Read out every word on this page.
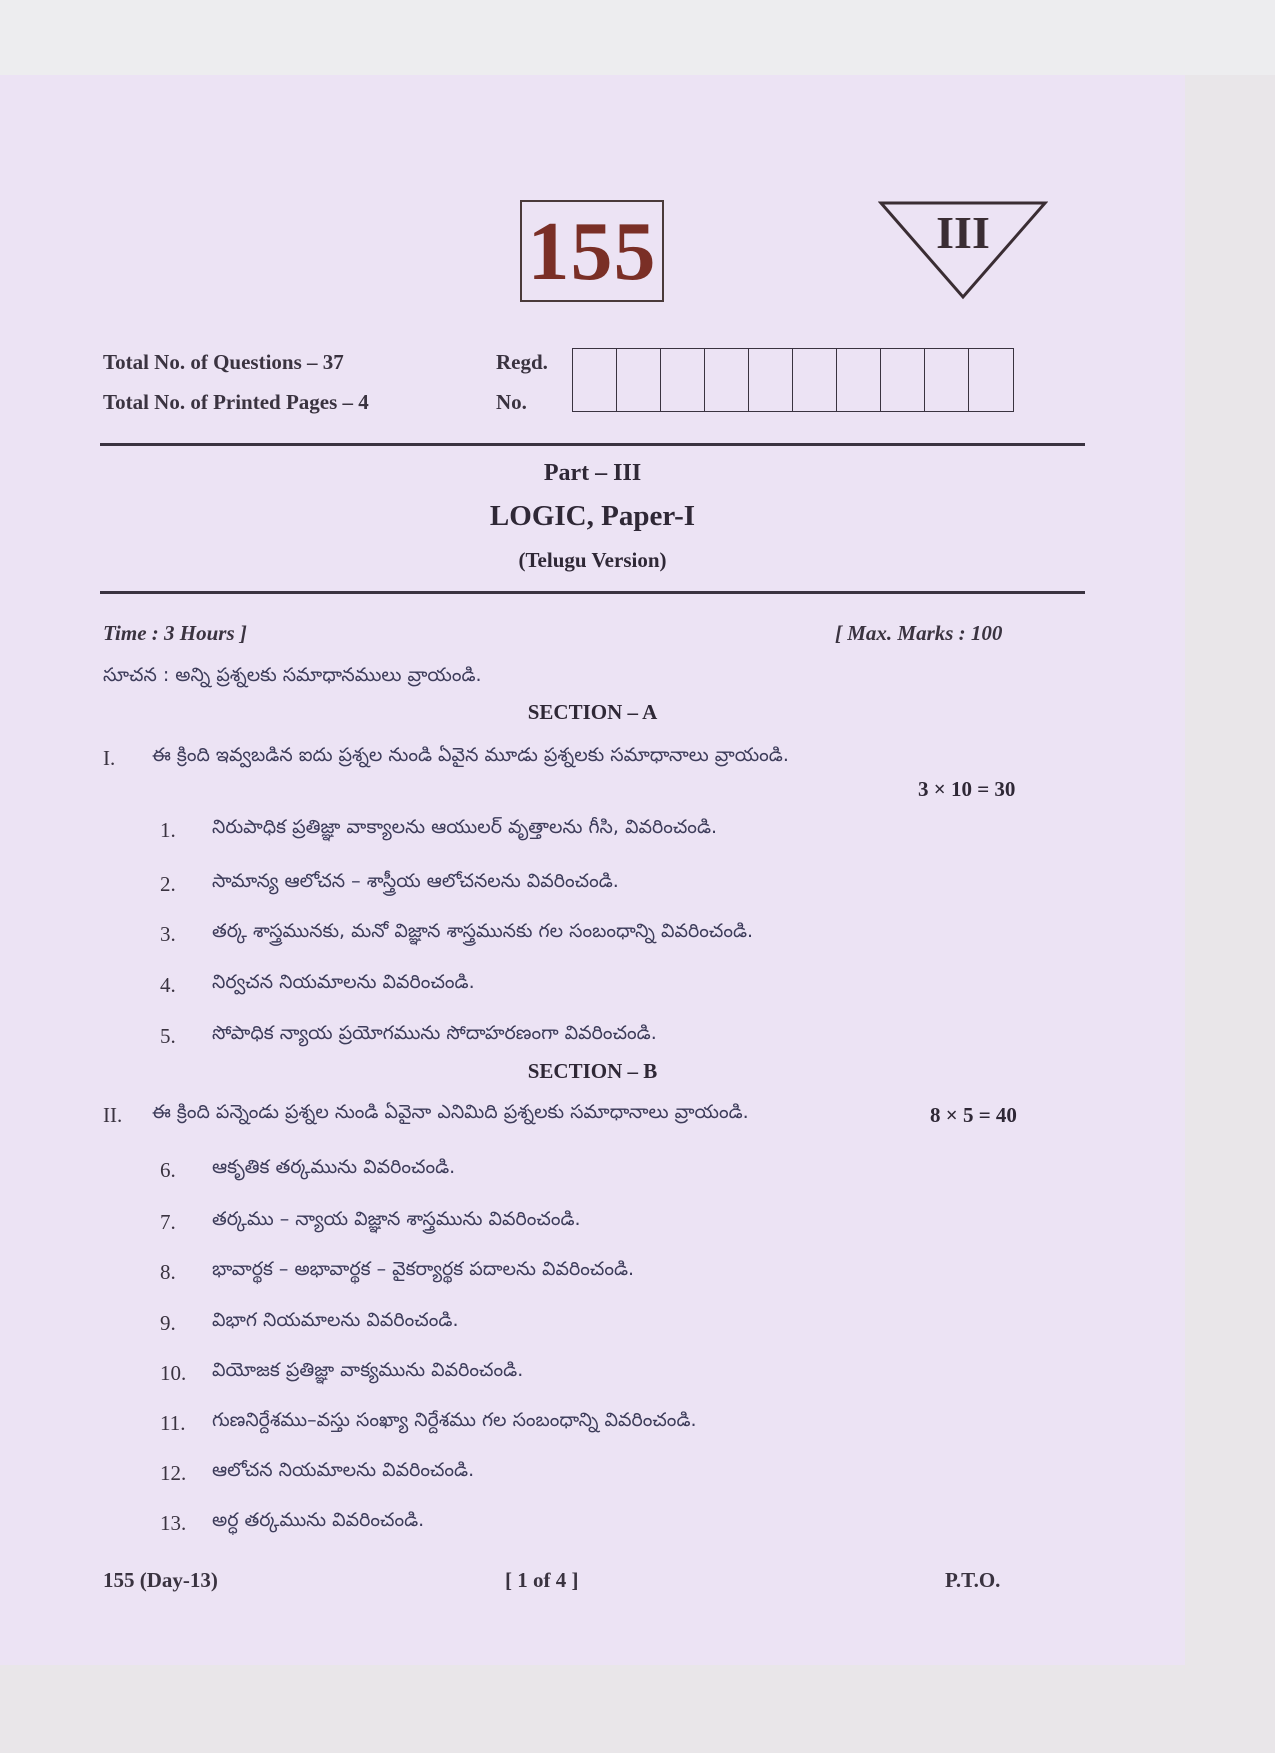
155	III
Total No. of Questions – 37
Total No. of Printed Pages – 4
Regd.
No.
Part – III
LOGIC, Paper-I
(Telugu Version)
Time : 3 Hours ]	[ Max. Marks : 100
సూచన : అన్ని ప్రశ్నలకు సమాధానములు వ్రాయండి.
SECTION – A
I. ఈ క్రింది ఇవ్వబడిన ఐదు ప్రశ్నల నుండి ఏవైన మూడు ప్రశ్నలకు సమాధానాలు వ్రాయండి.
3 × 10 = 30
1. నిరుపాధిక ప్రతిజ్ఞా వాక్యాలను ఆయులర్ వృత్తాలను గీసి, వివరించండి.
2. సామాన్య ఆలోచన – శాస్త్రీయ ఆలోచనలను వివరించండి.
3. తర్క శాస్త్రమునకు, మనో విజ్ఞాన శాస్త్రమునకు గల సంబంధాన్ని వివరించండి.
4. నిర్వచన నియమాలను వివరించండి.
5. సోపాధిక న్యాయ ప్రయోగమును సోదాహరణంగా వివరించండి.
SECTION – B
II. ఈ క్రింది పన్నెండు ప్రశ్నల నుండి ఏవైనా ఎనిమిది ప్రశ్నలకు సమాధానాలు వ్రాయండి.	8 × 5 = 40
6. ఆకృతిక తర్కమును వివరించండి.
7. తర్కము – న్యాయ విజ్ఞాన శాస్త్రమును వివరించండి.
8. భావార్థక – అభావార్థక – వైకర్యార్థక పదాలను వివరించండి.
9. విభాగ నియమాలను వివరించండి.
10. వియోజక ప్రతిజ్ఞా వాక్యమును వివరించండి.
11. గుణనిర్దేశము–వస్తు సంఖ్యా నిర్దేశము గల సంబంధాన్ని వివరించండి.
12. ఆలోచన నియమాలను వివరించండి.
13. అర్ధ తర్కమును వివరించండి.
155 (Day-13)	[ 1 of 4 ]	P.T.O.
